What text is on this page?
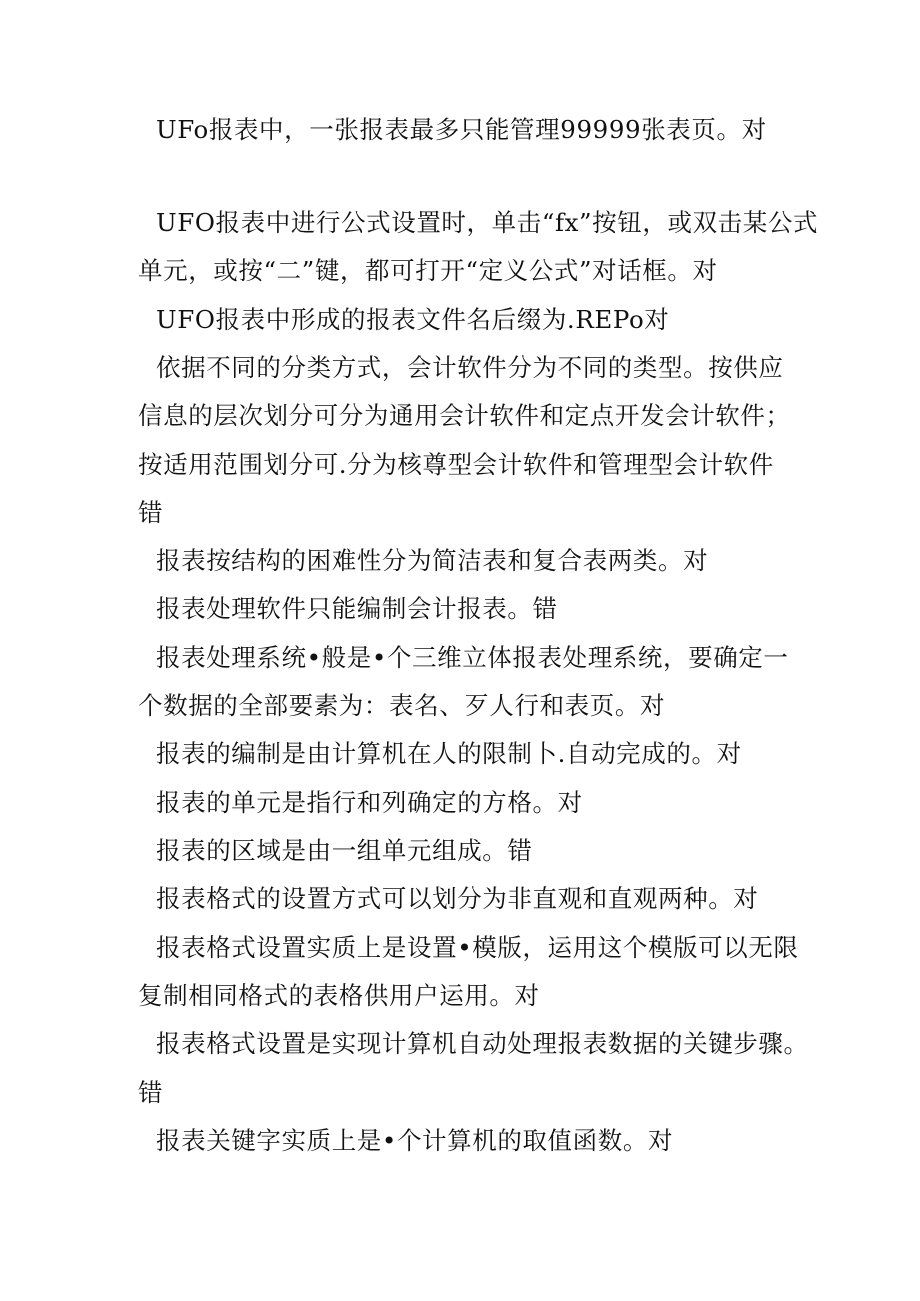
UFo报表中，一张报表最多只能管理99999张表页。对
UFO报表中进行公式设置时，单击“fx”按钮，或双击某公式
单元，或按“二”键，都可打开“定义公式”对话框。对
UFO报表中形成的报表文件名后缀为.REPo对
依据不同的分类方式，会计软件分为不同的类型。按供应
信息的层次划分可分为通用会计软件和定点开发会计软件；
按适用范围划分可.分为核尊型会计软件和管理型会计软件
错
报表按结构的困难性分为简洁表和复合表两类。对
报表处理软件只能编制会计报表。错
报表处理系统•般是•个三维立体报表处理系统，要确定一
个数据的全部要素为：表名、歹人行和表页。对
报表的编制是由计算机在人的限制卜.自动完成的。对
报表的单元是指行和列确定的方格。对
报表的区域是由一组单元组成。错
报表格式的设置方式可以划分为非直观和直观两种。对
报表格式设置实质上是设置•模版，运用这个模版可以无限
复制相同格式的表格供用户运用。对
报表格式设置是实现计算机自动处理报表数据的关键步骤。
错
报表关键字实质上是•个计算机的取值函数。对
